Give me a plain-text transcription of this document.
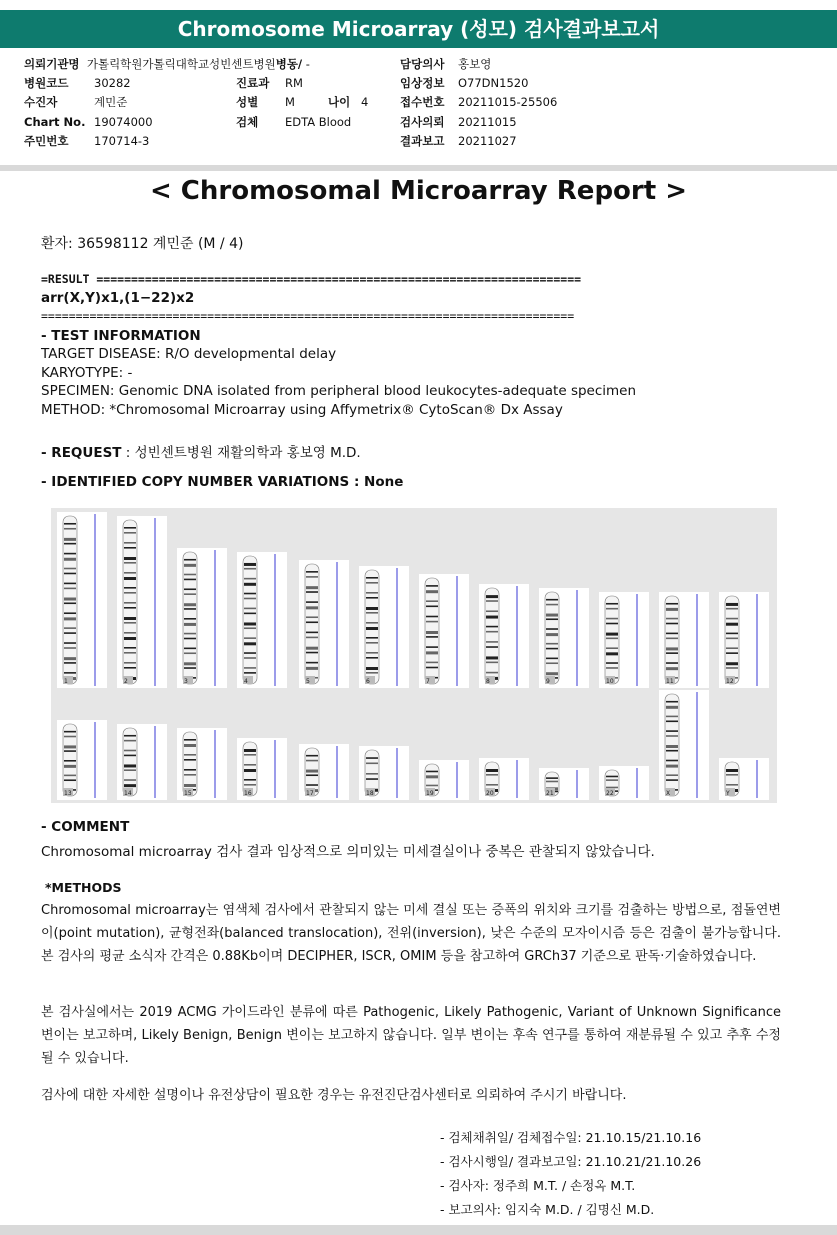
Chromosome Microarray (성모) 검사결과보고서
의뢰기관명 가톨릭학원가톨릭대학교성빈센트병원병동/ -
병원코드 30282
수진자	계민준
Chart No. 19074000
주민번호 170714-3
진료과 RM
성별 M	나이 4
검체 EDTA Blood
담당의사 홍보영
임상정보 O77DN1520
접수번호 20211015-25506
검사의뢰 20211015
결과보고 20211027
< Chromosomal Microarray Report >
환자: 36598112 계민준 (M / 4)
=RESULT ======================================================================
arr(X,Y)x1,(1−22)x2
=============================================================================
- TEST INFORMATION
TARGET DISEASE: R/O developmental delay
KARYOTYPE: -
SPECIMEN: Genomic DNA isolated from peripheral blood leukocytes-adequate specimen
METHOD: *Chromosomal Microarray using Affymetrix® CytoScan® Dx Assay
- REQUEST : 성빈센트병원 재활의학과 홍보영 M.D.
- IDENTIFIED COPY NUMBER VARIATIONS : None
1	2	3	4	5	6	7	8	9	10	11	12
13	14	15	16	17	18	19	20	21	22	X	Y
- COMMENT
Chromosomal microarray 검사 결과 임상적으로 의미있는 미세결실이나 중복은 관찰되지 않았습니다.
*METHODS
Chromosomal microarray는 염색체 검사에서 관찰되지 않는 미세 결실 또는 증폭의 위치와 크기를 검출하는 방법으로, 점돌연변이(point mutation), 균형전좌(balanced translocation), 전위(inversion), 낮은 수준의 모자이시즘 등은 검출이 불가능합니다. 본 검사의 평균 소식자 간격은 0.88Kb이며 DECIPHER, ISCR, OMIM 등을 참고하여 GRCh37 기준으로 판독·기술하였습니다.
본 검사실에서는 2019 ACMG 가이드라인 분류에 따른 Pathogenic, Likely Pathogenic, Variant of Unknown Significance 변이는 보고하며, Likely Benign, Benign 변이는 보고하지 않습니다. 일부 변이는 후속 연구를 통하여 재분류될 수 있고 추후 수정될 수 있습니다.
검사에 대한 자세한 설명이나 유전상담이 필요한 경우는 유전진단검사센터로 의뢰하여 주시기 바랍니다.
- 검체채취일/ 검체접수일: 21.10.15/21.10.16
- 검사시행일/ 결과보고일: 21.10.21/21.10.26
- 검사자: 정주희 M.T. / 손정옥 M.T.
- 보고의사: 임지숙 M.D. / 김명신 M.D.
